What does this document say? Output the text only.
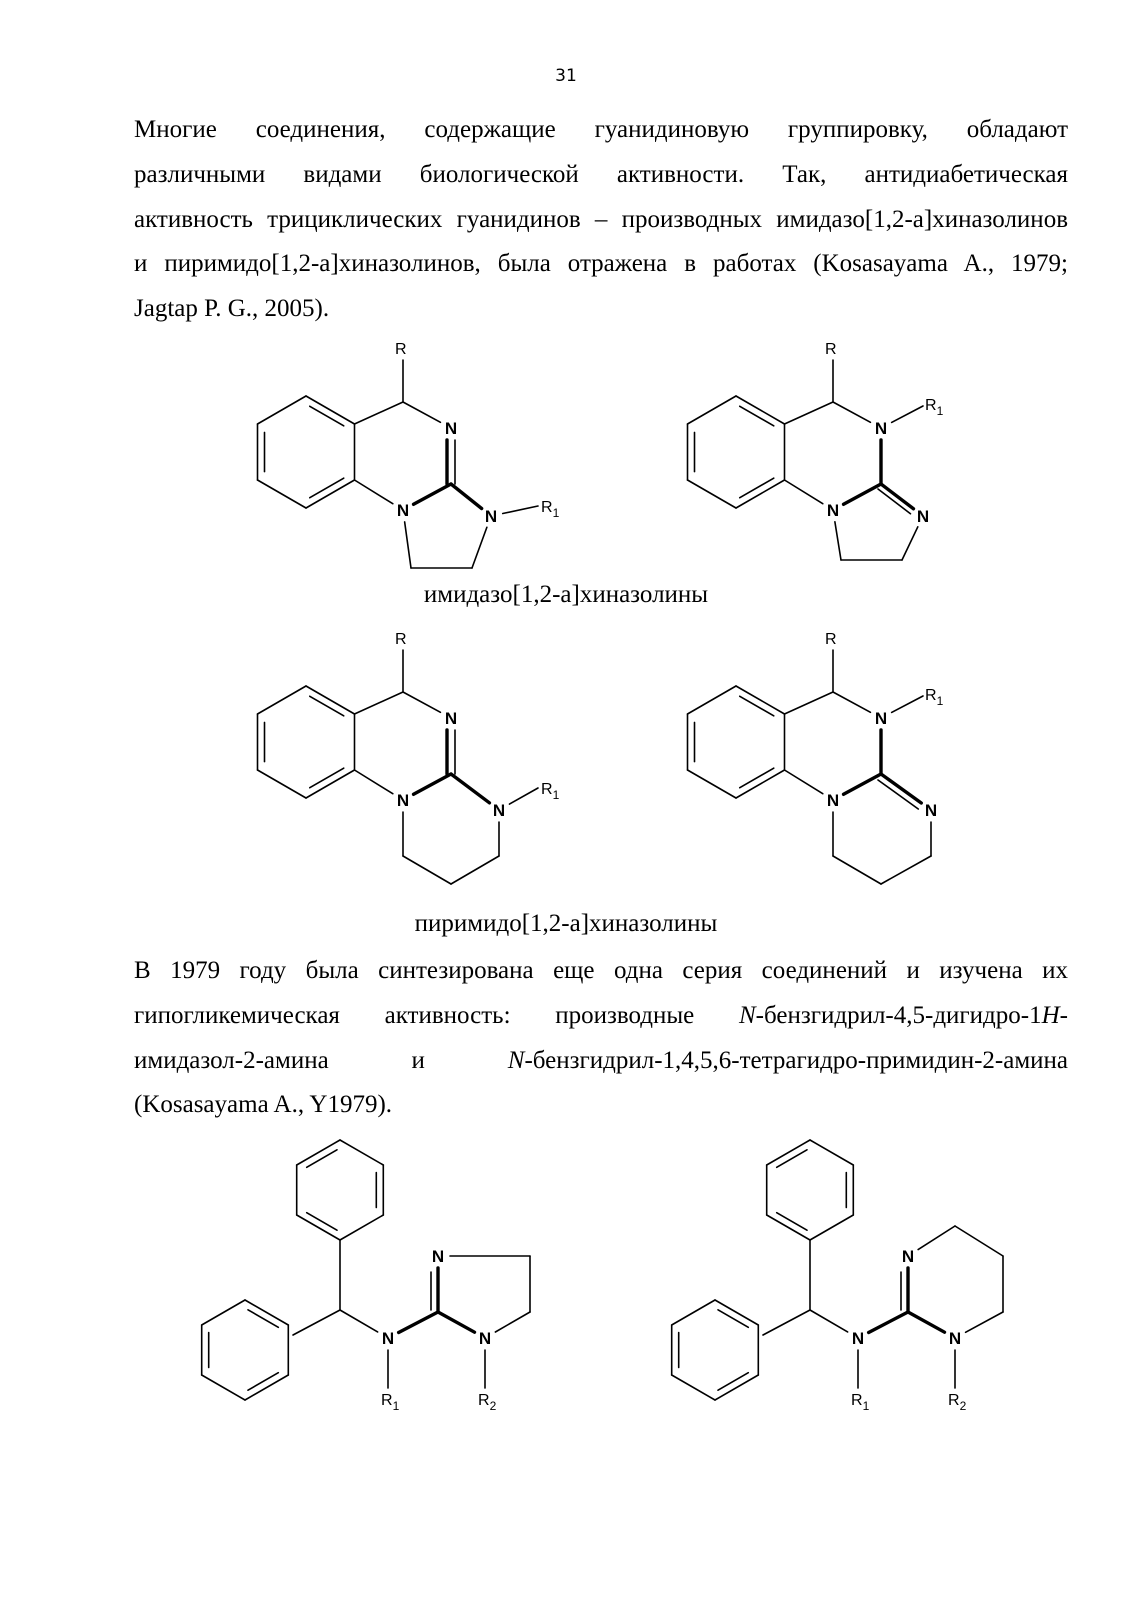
31
Многие соединения, содержащие гуанидиновую группировку, обладают
различными видами биологической активности. Так, антидиабетическая
активность трициклических гуанидинов – производных имидазо[1,2-a]хиназолинов
и пиримидо[1,2-a]хиназолинов, была отражена в работах (Kosasayama A., 1979;
Jagtap P. G., 2005).
R
N
N	N	$R_1$
R
N
$R_1$
N	N
имидазо[1,2-a]хиназолины
R
N
N
N
$R_1$
R
N
$R_1$
N
N
пиримидо[1,2-a]хиназолины
В 1979 году была синтезирована еще одна серия соединений и изучена их
гипогликемическая активность: производные N-бензгидрил-4,5-дигидро-1H-
имидазол-2-амина и N-бензгидрил-1,4,5,6-тетрагидро-примидин-2-амина
(Kosasayama A., Y1979).
N
$R_1$
N
N
$R_2$
N
$R_1$
N
N
$R_2$
